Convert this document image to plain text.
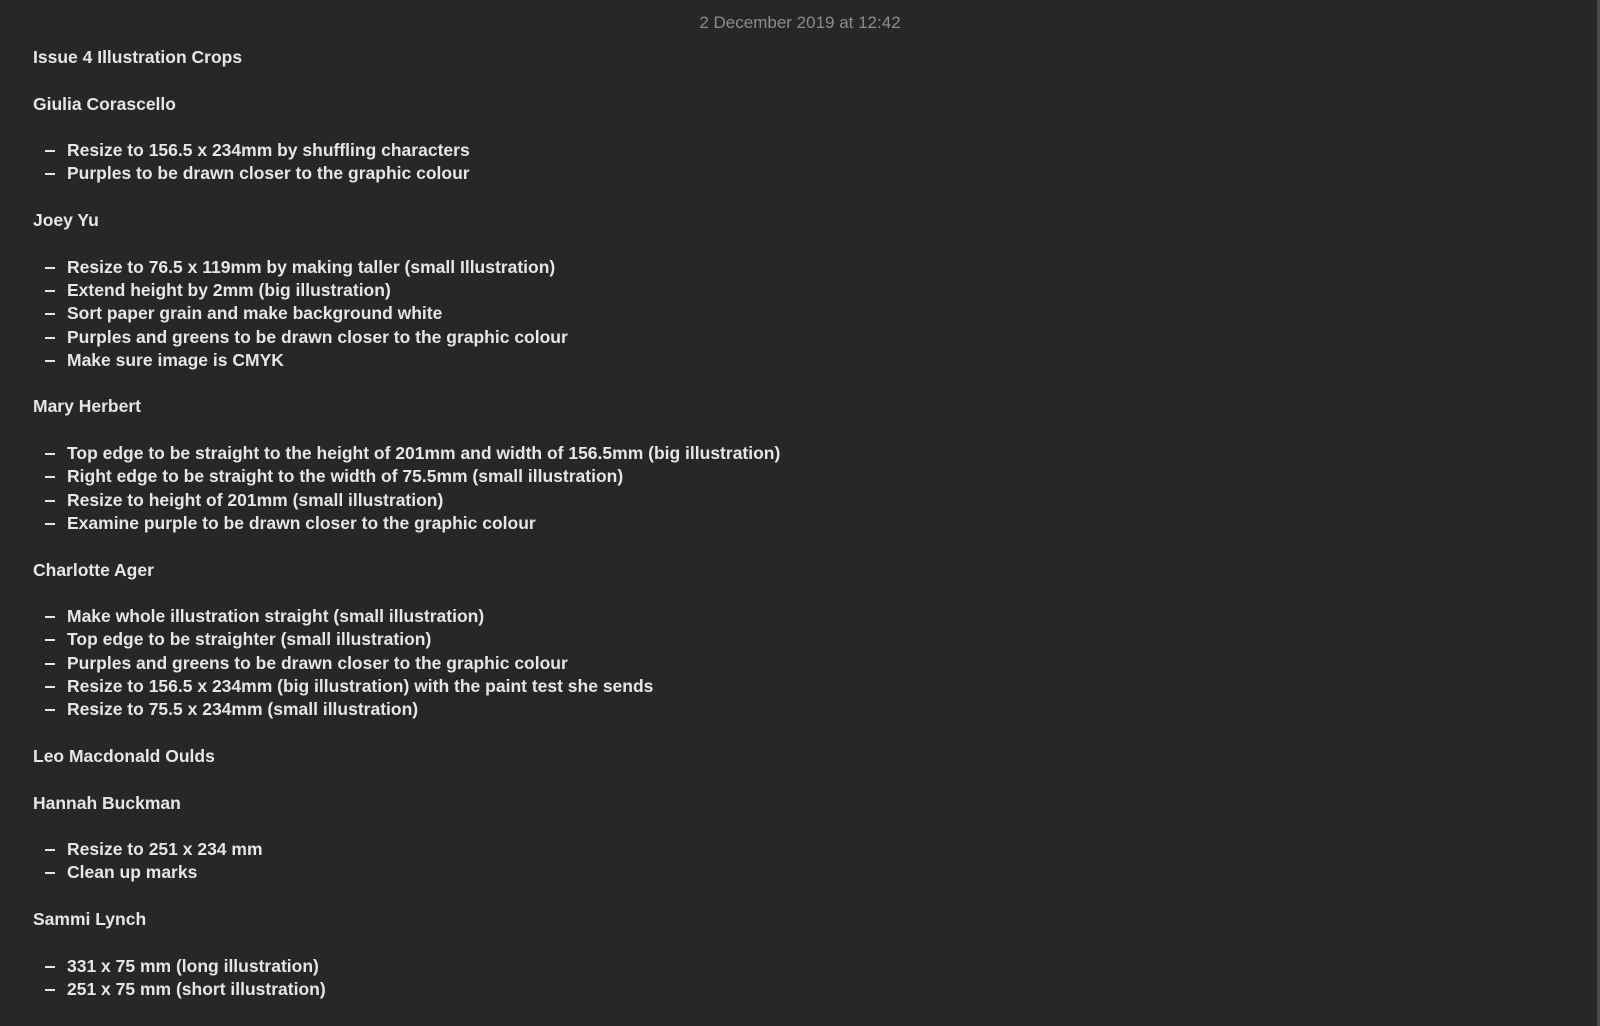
2 December 2019 at 12:42
Issue 4 Illustration Crops
Giulia Corascello
Resize to 156.5 x 234mm by shuffling characters
Purples to be drawn closer to the graphic colour
Joey Yu
Resize to 76.5 x 119mm by making taller (small Illustration)
Extend height by 2mm (big illustration)
Sort paper grain and make background white
Purples and greens to be drawn closer to the graphic colour
Make sure image is CMYK
Mary Herbert
Top edge to be straight to the height of 201mm and width of 156.5mm (big illustration)
Right edge to be straight to the width of 75.5mm (small illustration)
Resize to height of 201mm (small illustration)
Examine purple to be drawn closer to the graphic colour
Charlotte Ager
Make whole illustration straight (small illustration)
Top edge to be straighter (small illustration)
Purples and greens to be drawn closer to the graphic colour
Resize to 156.5 x 234mm (big illustration) with the paint test she sends
Resize to 75.5 x 234mm (small illustration)
Leo Macdonald Oulds
Hannah Buckman
Resize to 251 x 234 mm
Clean up marks
Sammi Lynch
331 x 75 mm (long illustration)
251 x 75 mm (short illustration)
